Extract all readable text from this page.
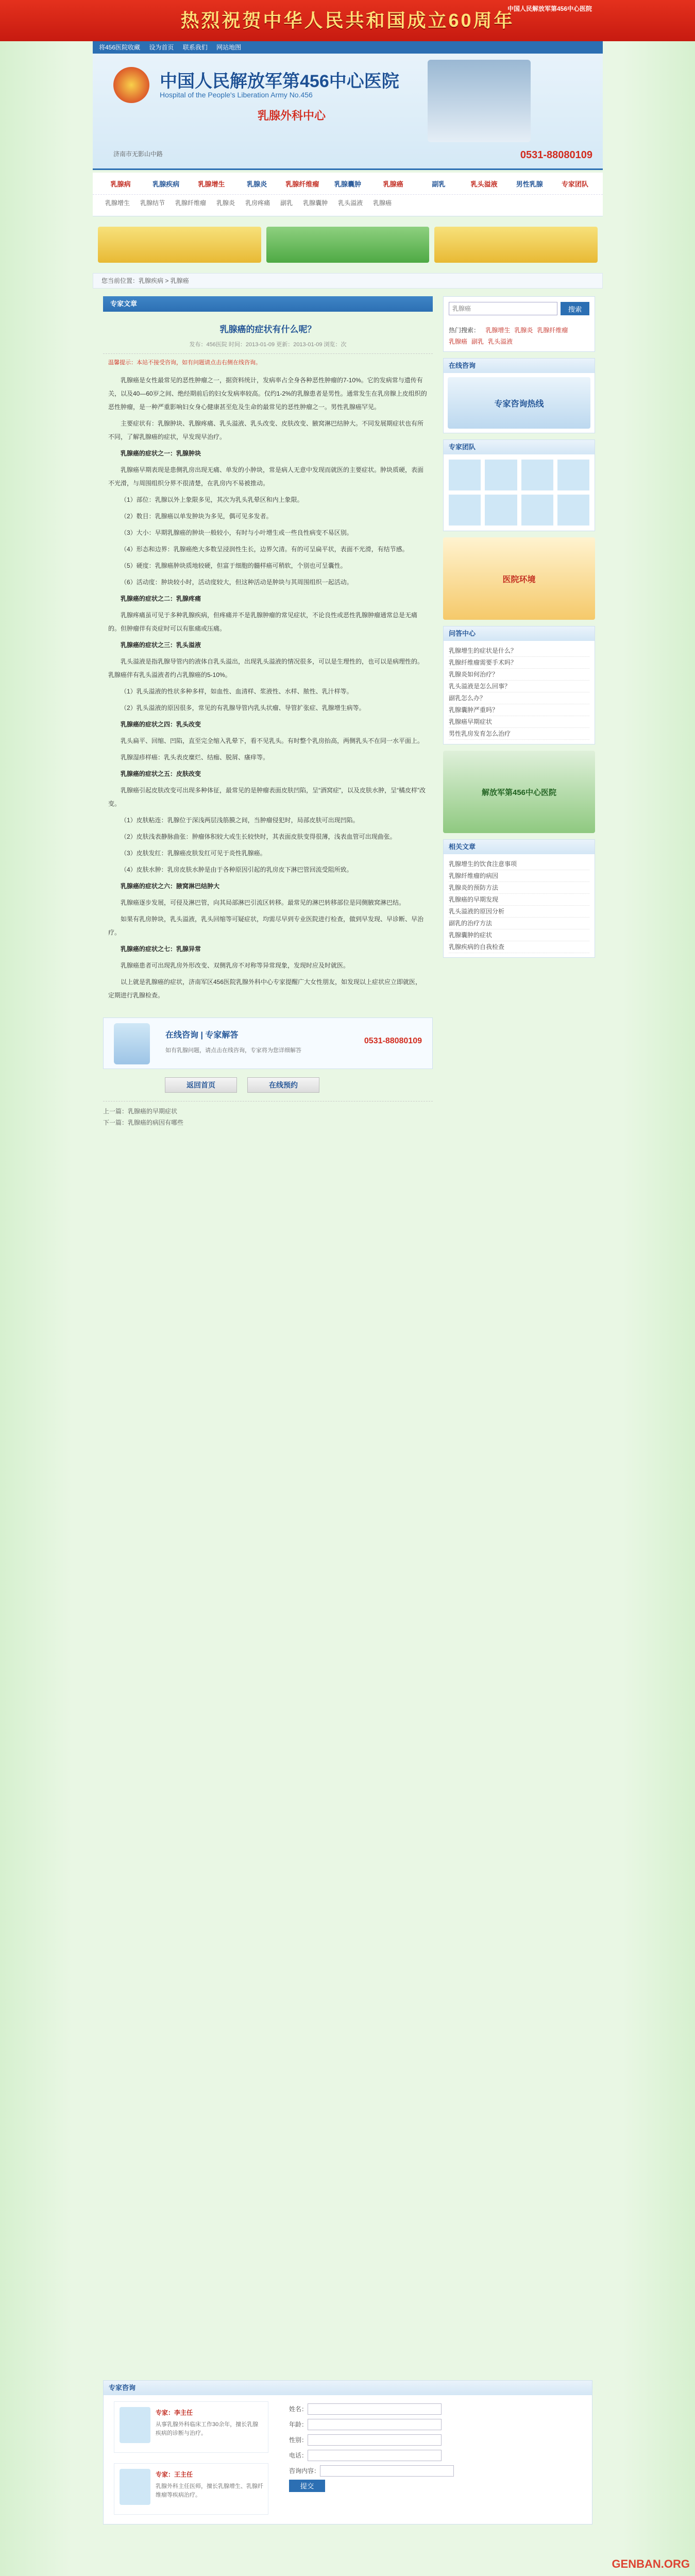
热烈祝贺中华人民共和国成立60周年
中国人民解放军第456中心医院
将456医院收藏 设为首页 联系我们 网站地图
中国人民解放军第456中心医院
Hospital of the People's Liberation Army No.456
乳腺外科中心
济南市无影山中路	0531-88080109
乳腺病	乳腺疾病	乳腺增生	乳腺炎	乳腺纤维瘤	乳腺囊肿	乳腺癌	副乳	乳头溢液	男性乳腺	专家团队
乳腺增生 乳腺结节 乳腺纤维瘤 乳腺炎 乳房疼痛 副乳 乳腺囊肿 乳头溢液 乳腺癌
您当前位置：乳腺疾病 > 乳腺癌
专家文章
乳腺癌的症状有什么呢？
发布：456医院 时间：2013-01-09 更新：2013-01-09 浏览：次
温馨提示：本站不接受咨询，如有问题请点击右侧在线咨询。

乳腺癌是女性最常见的恶性肿瘤之一，据资料统计，发病率占全身各种恶性肿瘤的7-10%。它的发病常与遗传有关，以及40—60岁之间、绝经期前后的妇女发病率较高。仅约1-2%的乳腺患者是男性。通常发生在乳房腺上皮组织的恶性肿瘤，是一种严重影响妇女身心健康甚至危及生命的最常见的恶性肿瘤之一。男性乳腺癌罕见。

主要症状有：乳腺肿块、乳腺疼痛、乳头溢液、乳头改变、皮肤改变、腋窝淋巴结肿大。不同发展期症状也有所不同，了解乳腺癌的症状，早发现早治疗。

乳腺癌的症状之一：乳腺肿块

乳腺癌早期表现是患侧乳房出现无痛、单发的小肿块，常是病人无意中发现而就医的主要症状。肿块质硬，表面不光滑，与周围组织分界不很清楚，在乳房内不易被推动。

（1）部位：乳腺以外上象限多见，其次为乳头乳晕区和内上象限。

（2）数目：乳腺癌以单发肿块为多见，偶可见多发者。

（3）大小：早期乳腺癌的肿块一般较小，有时与小叶增生或一些良性病变不易区别。

（4）形态和边界：乳腺癌绝大多数呈浸润性生长，边界欠清。有的可呈扁平状，表面不光滑，有结节感。

（5）硬度：乳腺癌肿块质地较硬，但富于细胞的髓样癌可稍软，个别也可呈囊性。

（6）活动度：肿块较小时，活动度较大，但这种活动是肿块与其周围组织一起活动。

乳腺癌的症状之二：乳腺疼痛

乳腺疼痛虽可见于多种乳腺疾病，但疼痛并不是乳腺肿瘤的常见症状，不论良性或恶性乳腺肿瘤通常总是无痛的。但肿瘤伴有炎症时可以有胀痛或压痛。

乳腺癌的症状之三：乳头溢液

乳头溢液是指乳腺导管内的液体自乳头溢出，出现乳头溢液的情况很多，可以是生理性的，也可以是病理性的。乳腺癌伴有乳头溢液者约占乳腺癌的5-10%。

（1）乳头溢液的性状多种多样，如血性、血清样、浆液性、水样、脓性、乳汁样等。

（2）乳头溢液的原因很多，常见的有乳腺导管内乳头状瘤、导管扩张症、乳腺增生病等。

乳腺癌的症状之四：乳头改变

乳头扁平、回缩、凹陷，直至完全缩入乳晕下，看不见乳头。有时整个乳房抬高，两侧乳头不在同一水平面上。

乳腺湿疹样癌：乳头表皮糜烂、结痂、脱屑、瘙痒等。

乳腺癌的症状之五：皮肤改变

乳腺癌引起皮肤改变可出现多种体征，最常见的是肿瘤表面皮肤凹陷，呈“酒窝症”，以及皮肤水肿，呈“橘皮样”改变。

（1）皮肤粘连：乳腺位于深浅两层浅筋膜之间，当肿瘤侵犯时，局部皮肤可出现凹陷。

（2）皮肤浅表静脉曲张：肿瘤体积较大或生长较快时，其表面皮肤变得很薄，浅表血管可出现曲张。

（3）皮肤发红：乳腺癌皮肤发红可见于炎性乳腺癌。

（4）皮肤水肿：乳房皮肤水肿是由于各种原因引起的乳房皮下淋巴管回流受阻所致。

乳腺癌的症状之六：腋窝淋巴结肿大

乳腺癌逐步发展，可侵及淋巴管，向其局部淋巴引流区转移。最常见的淋巴转移部位是同侧腋窝淋巴结。

如果有乳房肿块，乳头溢液，乳头回缩等可疑症状，均需尽早到专业医院进行检查，做到早发现、早诊断、早治疗。

乳腺癌的症状之七：乳腺异常

乳腺癌患者可出现乳房外形改变、双侧乳房不对称等异常现象，发现时应及时就医。

以上就是乳腺癌的症状，济南军区456医院乳腺外科中心专家提醒广大女性朋友，如发现以上症状应立即就医，定期进行乳腺检查。

在线咨询 | 专家解答
如有乳腺问题，请点击在线咨询，专家将为您详细解答
0531-88080109
返回首页	在线预约
上一篇：乳腺癌的早期症状
下一篇：乳腺癌的病因有哪些
乳腺癌
搜索
热门搜索： 乳腺增生 乳腺炎 乳腺纤维瘤乳腺癌 副乳 乳头溢液
在线咨询
专家咨询热线
专家团队
医院环境
问答中心
乳腺增生的症状是什么？
乳腺纤维瘤需要手术吗？
乳腺炎如何治疗？
乳头溢液是怎么回事？
副乳怎么办？
乳腺囊肿严重吗？
乳腺癌早期症状
男性乳房发育怎么治疗
解放军第456中心医院
相关文章
乳腺增生的饮食注意事项
乳腺纤维瘤的病因
乳腺炎的预防方法
乳腺癌的早期发现
乳头溢液的原因分析
副乳的治疗方法
乳腺囊肿的症状
乳腺疾病的自我检查
专家咨询
专家：李主任
从事乳腺外科临床工作30余年，擅长乳腺疾病的诊断与治疗。
专家：王主任
乳腺外科主任医师，擅长乳腺增生、乳腺纤维瘤等疾病治疗。
姓名：
年龄：
性别：
电话：
咨询内容：
提交
GENBAN.ORG
